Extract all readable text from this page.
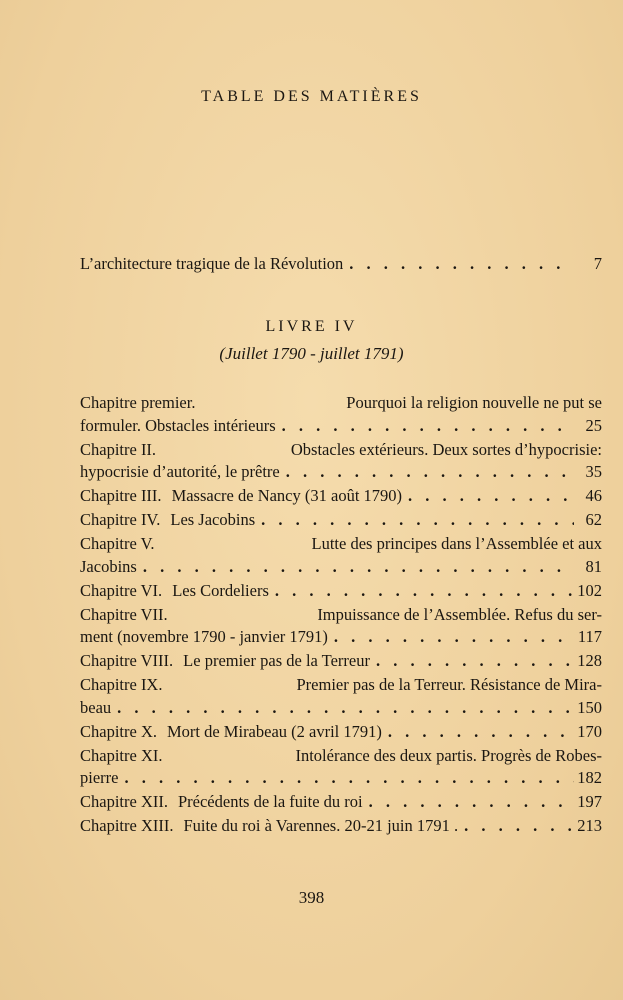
TABLE DES MATIÈRES
L’architecture tragique de la Révolution . . .	7
LIVRE IV
(Juillet 1790 - juillet 1791)
Chapitre premier.	Pourquoi la religion nouvelle ne put se
formuler. Obstacles intérieurs . . .	25
Chapitre II.	Obstacles extérieurs. Deux sortes d’hypocrisie:
hypocrisie d’autorité, le prêtre . . .	35
Chapitre III. Massacre de Nancy (31 août 1790) . . .	46
Chapitre IV. Les Jacobins . . .	62
Chapitre V.	Lutte des principes dans l’Assemblée et aux
Jacobins . . .	81
Chapitre VI. Les Cordeliers . . .	102
Chapitre VII.	Impuissance de l’Assemblée. Refus du ser-
ment (novembre 1790 - janvier 1791) . . .	117
Chapitre VIII. Le premier pas de la Terreur . . .	128
Chapitre IX.	Premier pas de la Terreur. Résistance de Mira-
beau . . .	150
Chapitre X. Mort de Mirabeau (2 avril 1791) . . .	170
Chapitre XI.	Intolérance des deux partis. Progrès de Robes-
pierre . . .	182
Chapitre XII. Précédents de la fuite du roi . . .	197
Chapitre XIII. Fuite du roi à Varennes. 20-21 juin 1791 . . . .	213
398
